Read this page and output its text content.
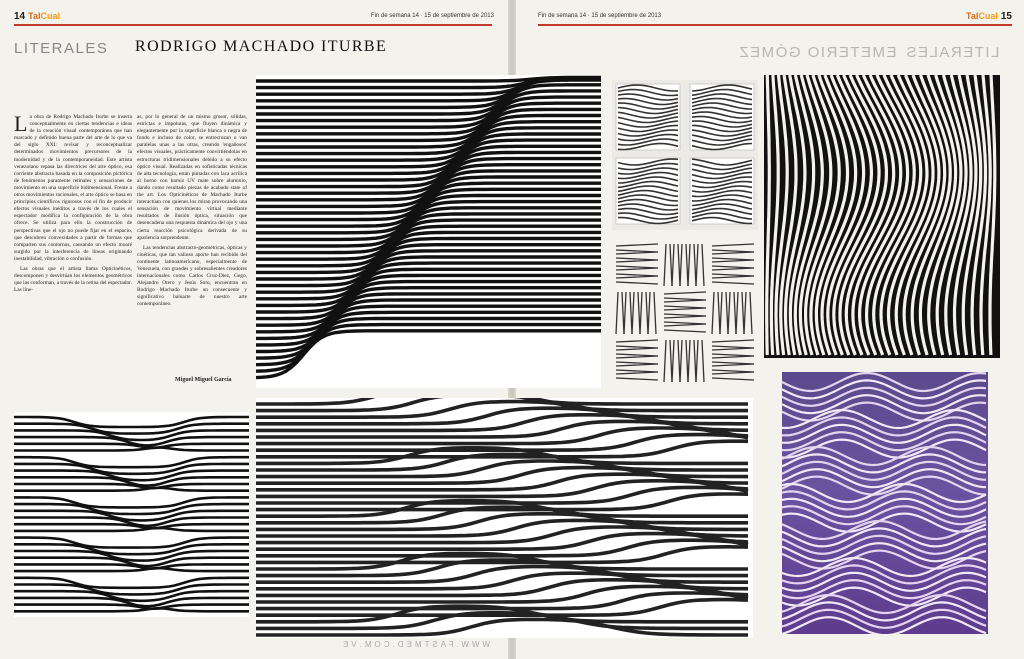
14 TalCual	Fin de semana 14 · 15 de septiembre de 2013	Fin de semana 14 · 15 de septiembre de 2013	TalCual 15
LITERALES RODRIGO MACHADO ITURBE	EMETERIO GÓMEZ LITERALES
WWW.FASTMED.COM.VE

La obra de Rodrigo Machado Iturbe se inserta conceptualmente en ciertas tendencias e ideas de la creación visual contemporánea que han marcado y definido buena parte del arte de lo que va del siglo XXI: revisar y reconceptualizar determinados movimientos precursores de la modernidad y de la contemporaneidad. Este artista venezolano repasa las directrices del arte óptico, esa corriente abstracta basada en la composición pictórica de fenómenos puramente retinales y sensaciones de movimiento en una superficie bidimensional. Frente a otros movimientos racionales, el arte óptico se basa en principios científicos rigurosos con el fin de producir efectos visuales inéditos a través de los cuales el espectador modifica la configuración de la obra ofrece. Se utiliza para ello la construcción de perspectivas que el ojo no puede fijar en el espacio, que descubren convexidades a partir de formas que comparten sus contornos, causando un efecto moaré surgido por la interferencia de líneas originando inestabilidad, vibración o confusión.

Las obras que el artista llama Opticinéticos, descomponen y desvirtúan los elementos geométricos que las conforman, a través de la retina del espectador. Las líne-

as, por lo general de un mismo grosor, sólidas, estrictas e impolutas, que fluyen dinámica y elegantemente por la superficie blanca o negra de fondo e incluso de color, se entrecruzan o van paralelas unas a las otras, creando 'engañosos' efectos visuales, prácticamente convirtiéndolas en estructuras tridimensionales debido a su efecto óptico visual. Realizadas en sofisticadas técnicas de alta tecnología, están pintadas con laca acrílica al horno con barniz UV mate sobre aluminio, dando como resultado piezas de acabado state of the art. Los Opticinéticos de Machado Iturbe interactúan con quienes los miran provocando una sensación de movimiento virtual mediante resultados de ilusión óptica, situación que desencadena una respuesta dinámica del ojo y una cierta reacción psicológica derivada de su apariencia sorprendente.

Las tendencias abstracto-geométricas, ópticas y cinéticas, que tan valioso aporte han recibido del continente latinoamericano, especialmente de Venezuela, con grandes y sobresalientes creadores internacionales como Carlos Cruz-Diez, Gego, Alejandro Otero y Jesús Soto, encuentran en Rodrigo Machado Iturbe un consecuente y significativo baluarte de nuestro arte contemporáneo.

Miguel Miguel García
